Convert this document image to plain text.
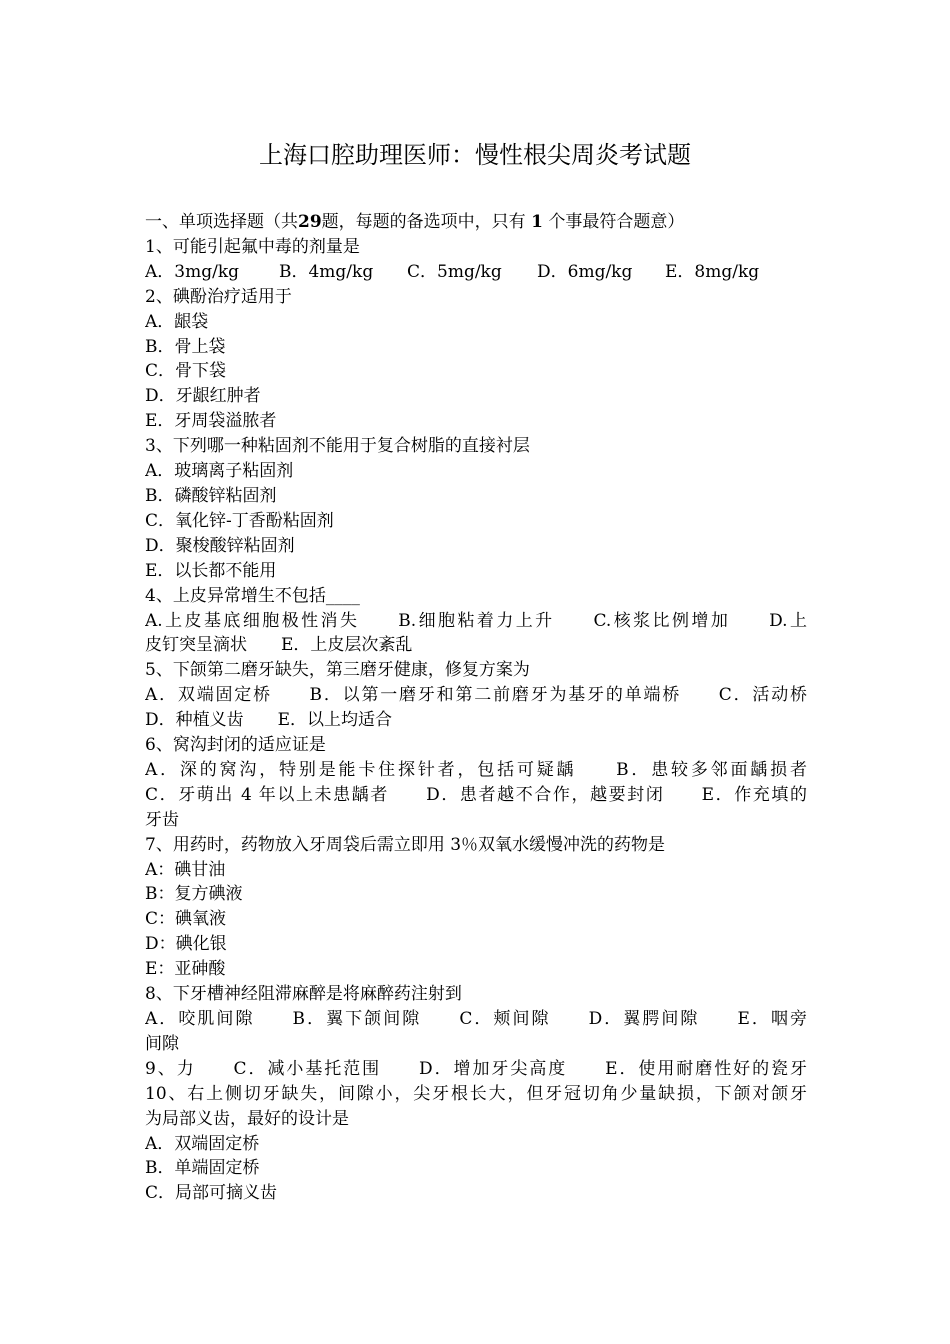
上海口腔助理医师：慢性根尖周炎考试题
一、单项选择题（共29题，每题的备选项中，只有 1 个事最符合题意）
1、可能引起氟中毒的剂量是
A．3mg/kg B．4mg/kg C．5mg/kg D．6mg/kg E．8mg/kg
2、碘酚治疗适用于
A．龈袋
B．骨上袋
C．骨下袋
D．牙龈红肿者
E．牙周袋溢脓者
3、下列哪一种粘固剂不能用于复合树脂的直接衬层
A．玻璃离子粘固剂
B．磷酸锌粘固剂
C．氧化锌-丁香酚粘固剂
D．聚梭酸锌粘固剂
E．以长都不能用
4、上皮异常增生不包括____
A.上皮基底细胞极性消失　　B.细胞粘着力上升　　C.核浆比例增加　　D.上
皮钉突呈滴状　　E．上皮层次紊乱
5、下颌第二磨牙缺失，第三磨牙健康，修复方案为
A．双端固定桥　　B．以第一磨牙和第二前磨牙为基牙的单端桥　　C．活动桥
D．种植义齿　　E．以上均适合
6、窝沟封闭的适应证是
A．深的窝沟，特别是能卡住探针者，包括可疑龋　　B．患较多邻面龋损者
C．牙萌出 4 年以上未患龋者　　D．患者越不合作，越要封闭　　E．作充填的
牙齿
7、用药时，药物放入牙周袋后需立即用 3％双氧水缓慢冲洗的药物是
A：碘甘油
B：复方碘液
C：碘氧液
D：碘化银
E：亚砷酸
8、下牙槽神经阻滞麻醉是将麻醉药注射到
A．咬肌间隙　　B．翼下颌间隙　　C．颊间隙　　D．翼腭间隙　　E．咽旁
间隙
9、力　　C．减小基托范围　　D．增加牙尖高度　　E．使用耐磨性好的瓷牙
10、右上侧切牙缺失，间隙小，尖牙根长大，但牙冠切角少量缺损，下颌对颌牙
为局部义齿，最好的设计是
A．双端固定桥
B．单端固定桥
C．局部可摘义齿
